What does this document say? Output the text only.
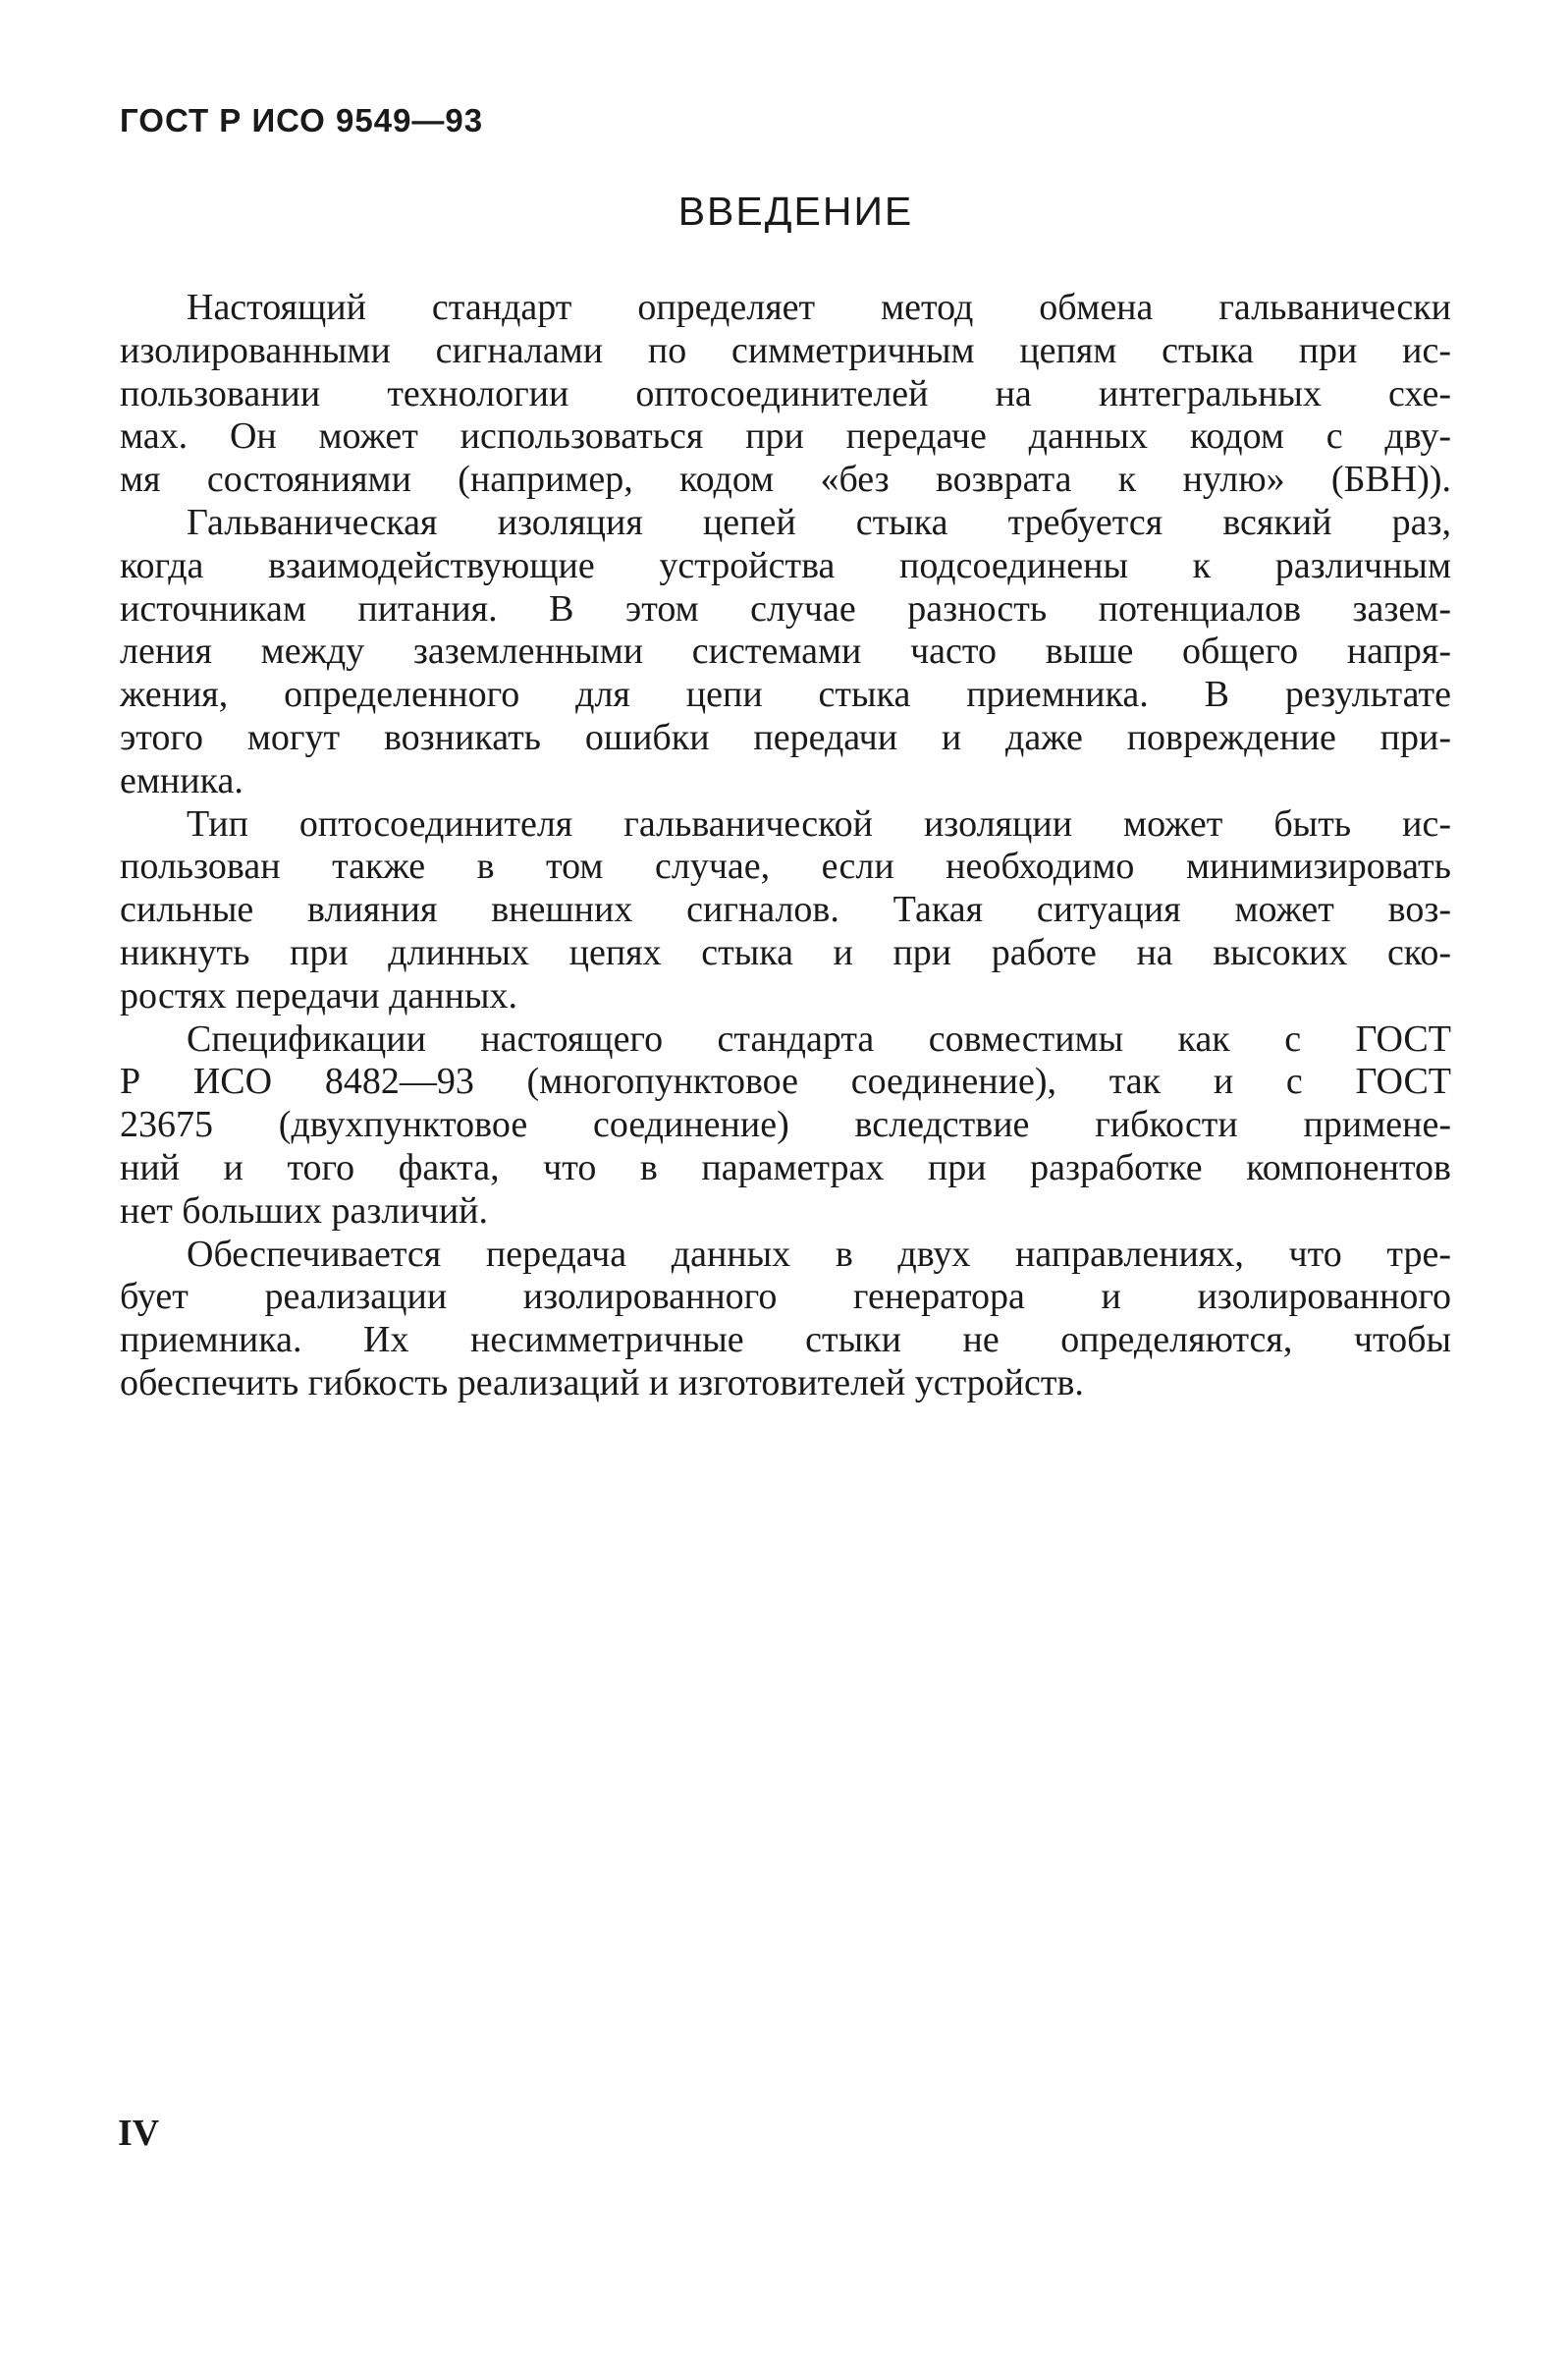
ГОСТ Р ИСО 9549—93
ВВЕДЕНИЕ
Настоящий стандарт определяет метод обмена гальванически
изолированными сигналами по симметричным цепям стыка при ис-
пользовании технологии оптосоединителей на интегральных схе-
мах. Он может использоваться при передаче данных кодом с дву-
мя состояниями (например, кодом «без возврата к нулю» (БВН)).
Гальваническая изоляция цепей стыка требуется всякий раз,
когда взаимодействующие устройства подсоединены к различным
источникам питания. В этом случае разность потенциалов зазем-
ления между заземленными системами часто выше общего напря-
жения, определенного для цепи стыка приемника. В результате
этого могут возникать ошибки передачи и даже повреждение при-
емника.
Тип оптосоединителя гальванической изоляции может быть ис-
пользован также в том случае, если необходимо минимизировать
сильные влияния внешних сигналов. Такая ситуация может воз-
никнуть при длинных цепях стыка и при работе на высоких ско-
ростях передачи данных.
Спецификации настоящего стандарта совместимы как с ГОСТ
Р ИСО 8482—93 (многопунктовое соединение), так и с ГОСТ
23675 (двухпунктовое соединение) вследствие гибкости примене-
ний и того факта, что в параметрах при разработке компонентов
нет больших различий.
Обеспечивается передача данных в двух направлениях, что тре-
бует реализации изолированного генератора и изолированного
приемника. Их несимметричные стыки не определяются, чтобы
обеспечить гибкость реализаций и изготовителей устройств.
IV
